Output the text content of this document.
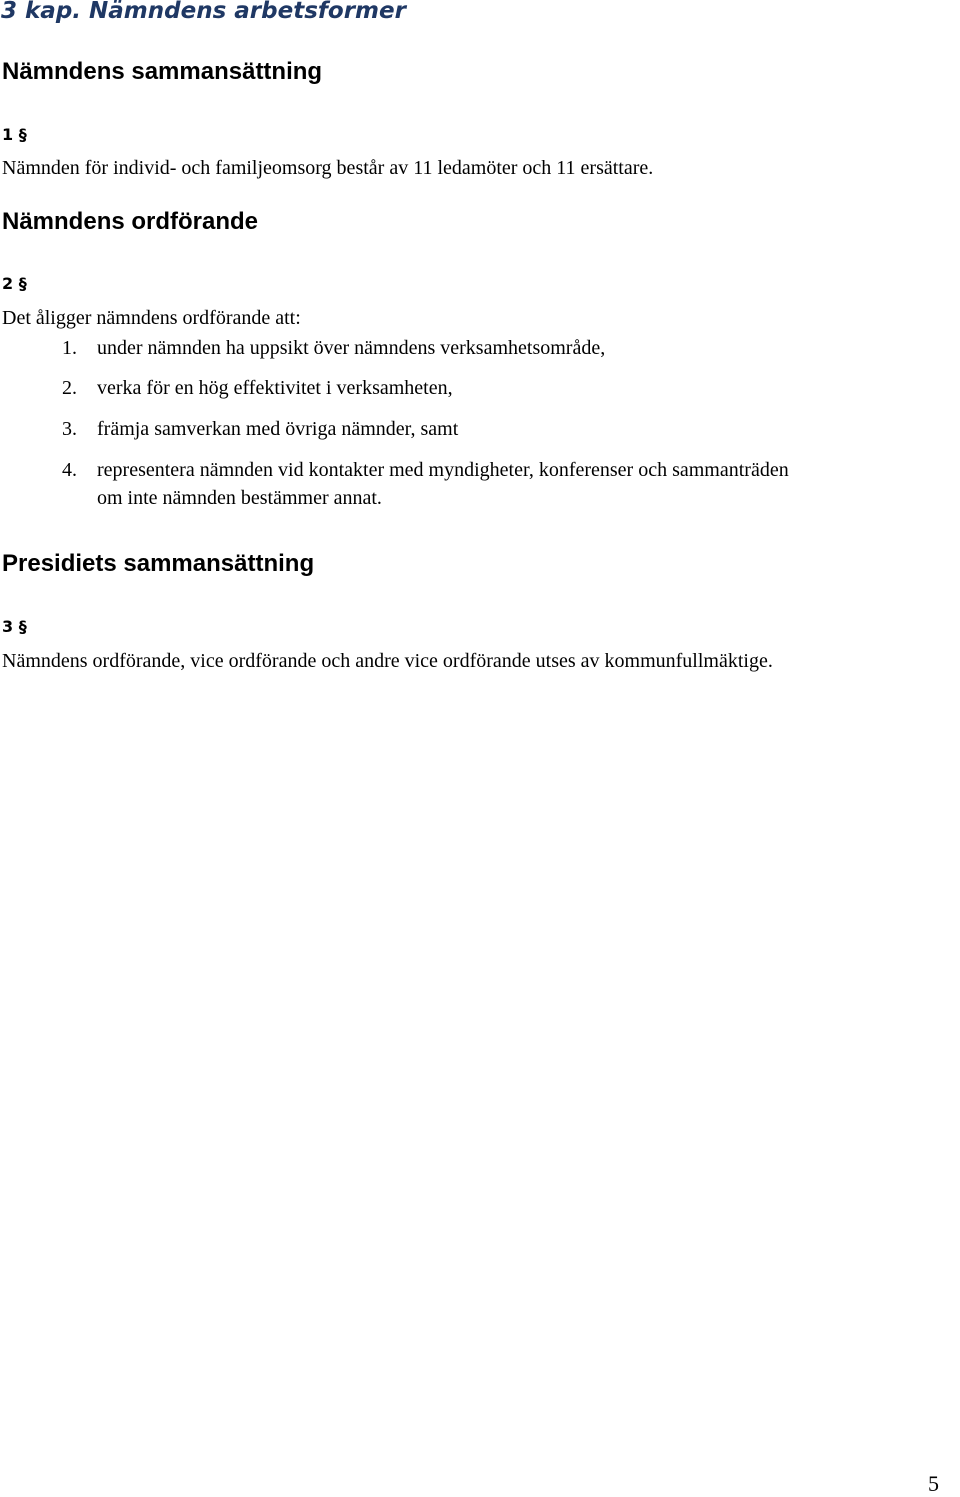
3 kap. Nämndens arbetsformer
Nämndens sammansättning
1 §

Nämnden för individ- och familjeomsorg består av 11 ledamöter och 11 ersättare.

Nämndens ordförande
2 §

Det åligger nämndens ordförande att:

1. under nämnden ha uppsikt över nämndens verksamhetsområde,
2. verka för en hög effektivitet i verksamheten,
3. främja samverkan med övriga nämnder, samt
4. representera nämnden vid kontakter med myndigheter, konferenser och sammanträden
om inte nämnden bestämmer annat.
Presidiets sammansättning
3 §

Nämndens ordförande, vice ordförande och andre vice ordförande utses av kommunfullmäktige.

5
